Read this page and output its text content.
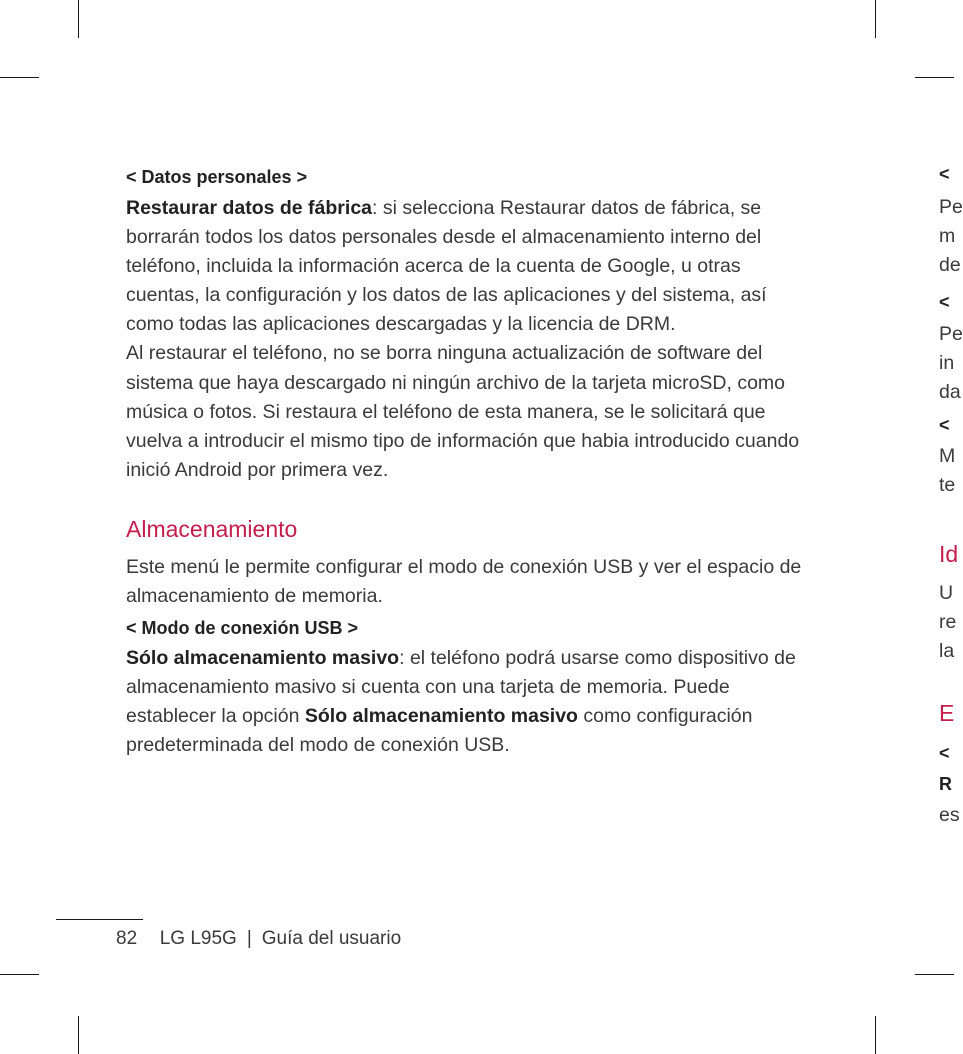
< Datos personales >

Restaurar datos de fábrica: si selecciona Restaurar datos de fábrica, se borrarán todos los datos personales desde el almacenamiento interno del teléfono, incluida la información acerca de la cuenta de Google, u otras cuentas, la configuración y los datos de las aplicaciones y del sistema, así como todas las aplicaciones descargadas y la licencia de DRM.

Al restaurar el teléfono, no se borra ninguna actualización de software del sistema que haya descargado ni ningún archivo de la tarjeta microSD, como música o fotos. Si restaura el teléfono de esta manera, se le solicitará que vuelva a introducir el mismo tipo de información que habia introducido cuando inició Android por primera vez.

Almacenamiento

Este menú le permite configurar el modo de conexión USB y ver el espacio de almacenamiento de memoria.

< Modo de conexión USB >

Sólo almacenamiento masivo: el teléfono podrá usarse como dispositivo de almacenamiento masivo si cuenta con una tarjeta de memoria. Puede establecer la opción Sólo almacenamiento masivo como configuración predeterminada del modo de conexión USB.

<
Pe
m
de
<
Pe
in
da
<
M
te
Id
U
re
la
E
<
R
es
82 LG L95G | Guía del usuario
